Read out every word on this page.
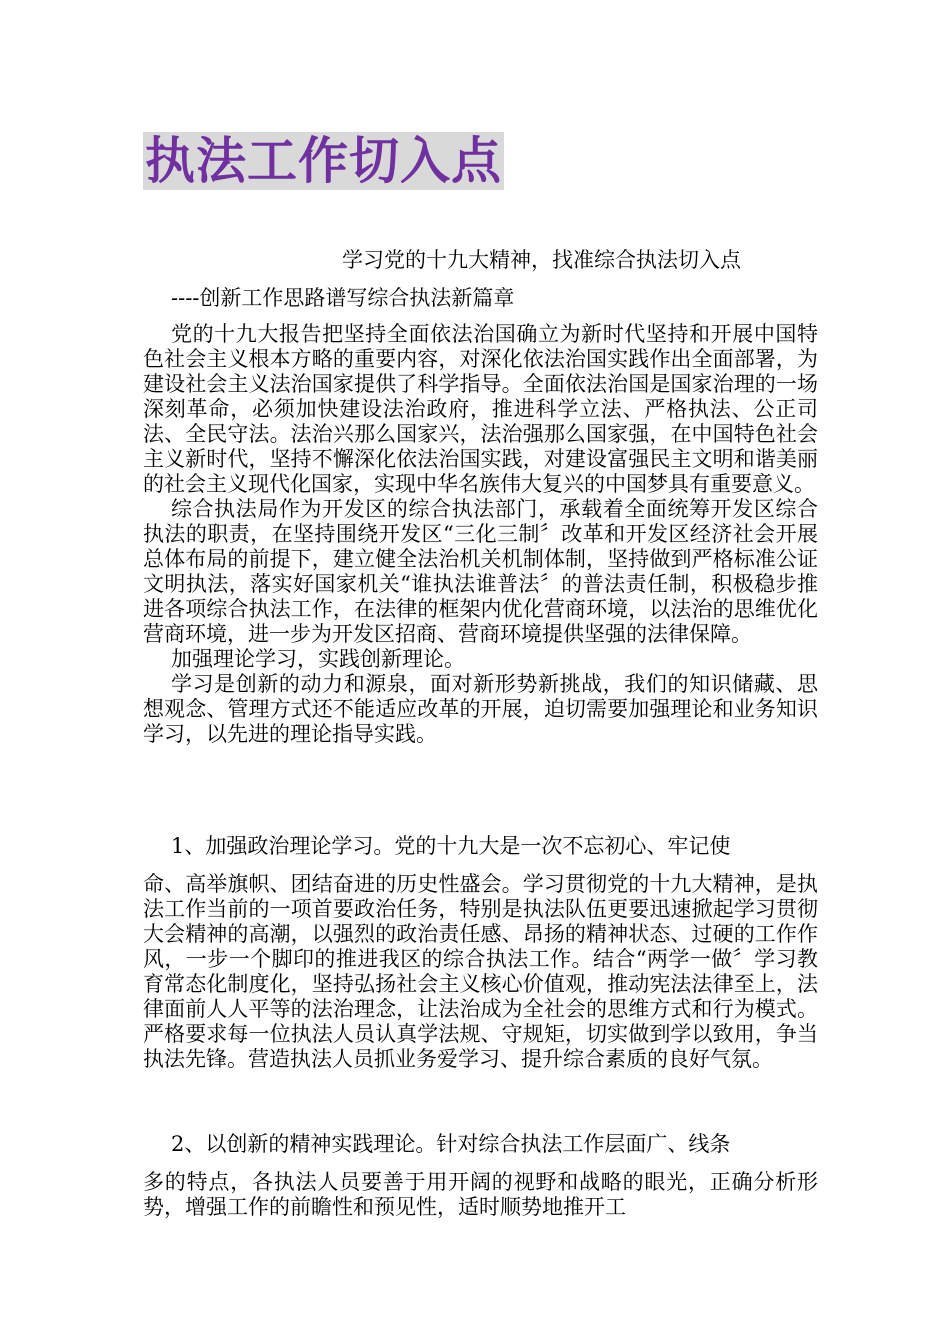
执法工作切入点
学习党的十九大精神，找准综合执法切入点
----创新工作思路谱写综合执法新篇章

党的十九大报告把坚持全面依法治国确立为新时代坚持和开展中国特色社会主义根本方略的重要内容，对深化依法治国实践作出全面部署，为建设社会主义法治国家提供了科学指导。全面依法治国是国家治理的一场深刻革命，必须加快建设法治政府，推进科学立法、严格执法、公正司法、全民守法。法治兴那么国家兴，法治强那么国家强，在中国特色社会主义新时代，坚持不懈深化依法治国实践，对建设富强民主文明和谐美丽的社会主义现代化国家，实现中华名族伟大复兴的中国梦具有重要意义。

综合执法局作为开发区的综合执法部门，承载着全面统筹开发区综合执法的职责，在坚持围绕开发区“三化三制〞改革和开发区经济社会开展总体布局的前提下，建立健全法治机关机制体制，坚持做到严格标准公证文明执法，落实好国家机关“谁执法谁普法〞的普法责任制，积极稳步推进各项综合执法工作，在法律的框架内优化营商环境，以法治的思维优化营商环境，进一步为开发区招商、营商环境提供坚强的法律保障。

加强理论学习，实践创新理论。

学习是创新的动力和源泉，面对新形势新挑战，我们的知识储藏、思想观念、管理方式还不能适应改革的开展，迫切需要加强理论和业务知识学习，以先进的理论指导实践。

1、加强政治理论学习。党的十九大是一次不忘初心、牢记使

命、高举旗帜、团结奋进的历史性盛会。学习贯彻党的十九大精神，是执法工作当前的一项首要政治任务，特别是执法队伍更要迅速掀起学习贯彻大会精神的高潮，以强烈的政治责任感、昂扬的精神状态、过硬的工作作风，一步一个脚印的推进我区的综合执法工作。结合“两学一做〞学习教育常态化制度化，坚持弘扬社会主义核心价值观，推动宪法法律至上，法律面前人人平等的法治理念，让法治成为全社会的思维方式和行为模式。严格要求每一位执法人员认真学法规、守规矩，切实做到学以致用，争当执法先锋。营造执法人员抓业务爱学习、提升综合素质的良好气氛。

2、以创新的精神实践理论。针对综合执法工作层面广、线条

多的特点，各执法人员要善于用开阔的视野和战略的眼光，正确分析形势，增强工作的前瞻性和预见性，适时顺势地推开工
